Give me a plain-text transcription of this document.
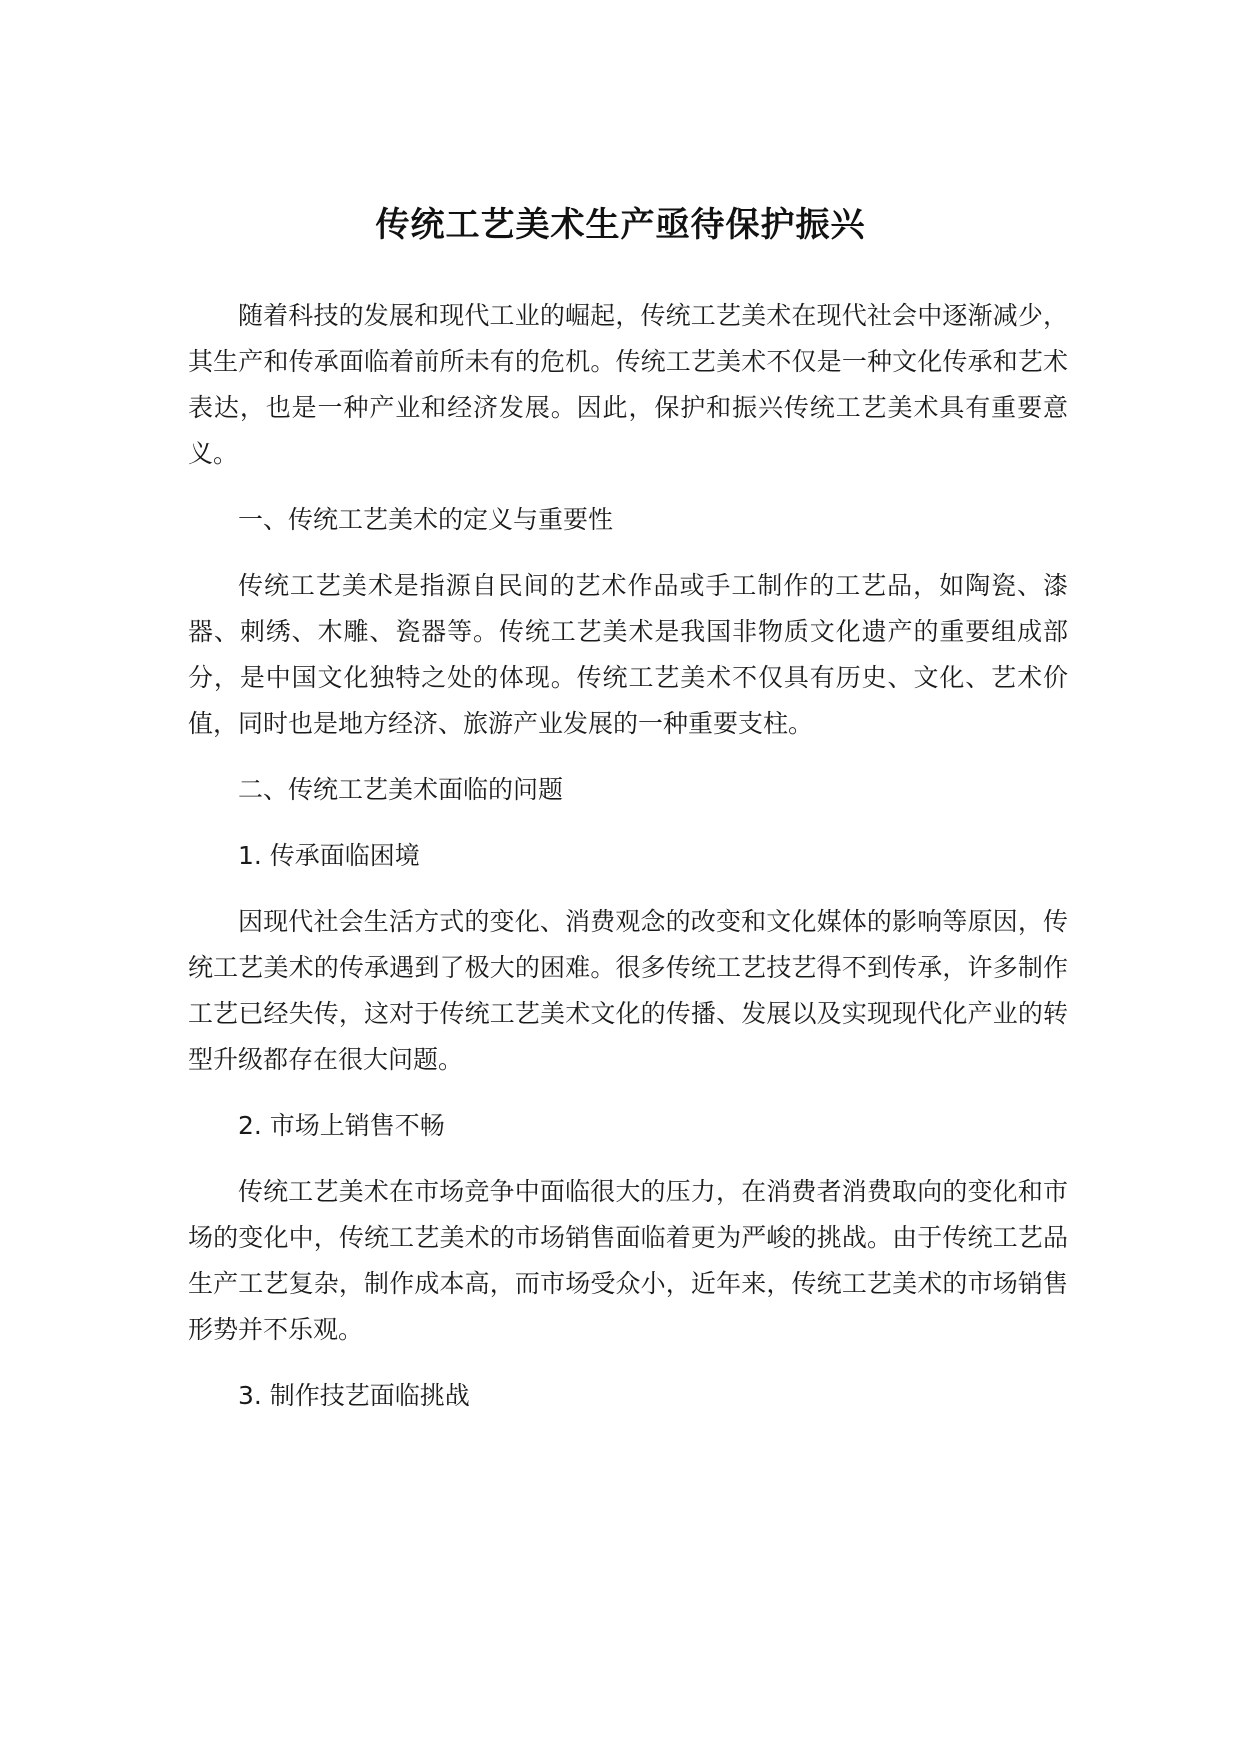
传统工艺美术生产亟待保护振兴

随着科技的发展和现代工业的崛起，传统工艺美术在现代社会中逐渐减少，其生产和传承面临着前所未有的危机。传统工艺美术不仅是一种文化传承和艺术表达，也是一种产业和经济发展。因此，保护和振兴传统工艺美术具有重要意义。

一、传统工艺美术的定义与重要性

传统工艺美术是指源自民间的艺术作品或手工制作的工艺品，如陶瓷、漆器、刺绣、木雕、瓷器等。传统工艺美术是我国非物质文化遗产的重要组成部分，是中国文化独特之处的体现。传统工艺美术不仅具有历史、文化、艺术价值，同时也是地方经济、旅游产业发展的一种重要支柱。

二、传统工艺美术面临的问题

1. 传承面临困境

因现代社会生活方式的变化、消费观念的改变和文化媒体的影响等原因，传统工艺美术的传承遇到了极大的困难。很多传统工艺技艺得不到传承，许多制作工艺已经失传，这对于传统工艺美术文化的传播、发展以及实现现代化产业的转型升级都存在很大问题。

2. 市场上销售不畅

传统工艺美术在市场竞争中面临很大的压力，在消费者消费取向的变化和市场的变化中，传统工艺美术的市场销售面临着更为严峻的挑战。由于传统工艺品生产工艺复杂，制作成本高，而市场受众小，近年来，传统工艺美术的市场销售形势并不乐观。

3. 制作技艺面临挑战
